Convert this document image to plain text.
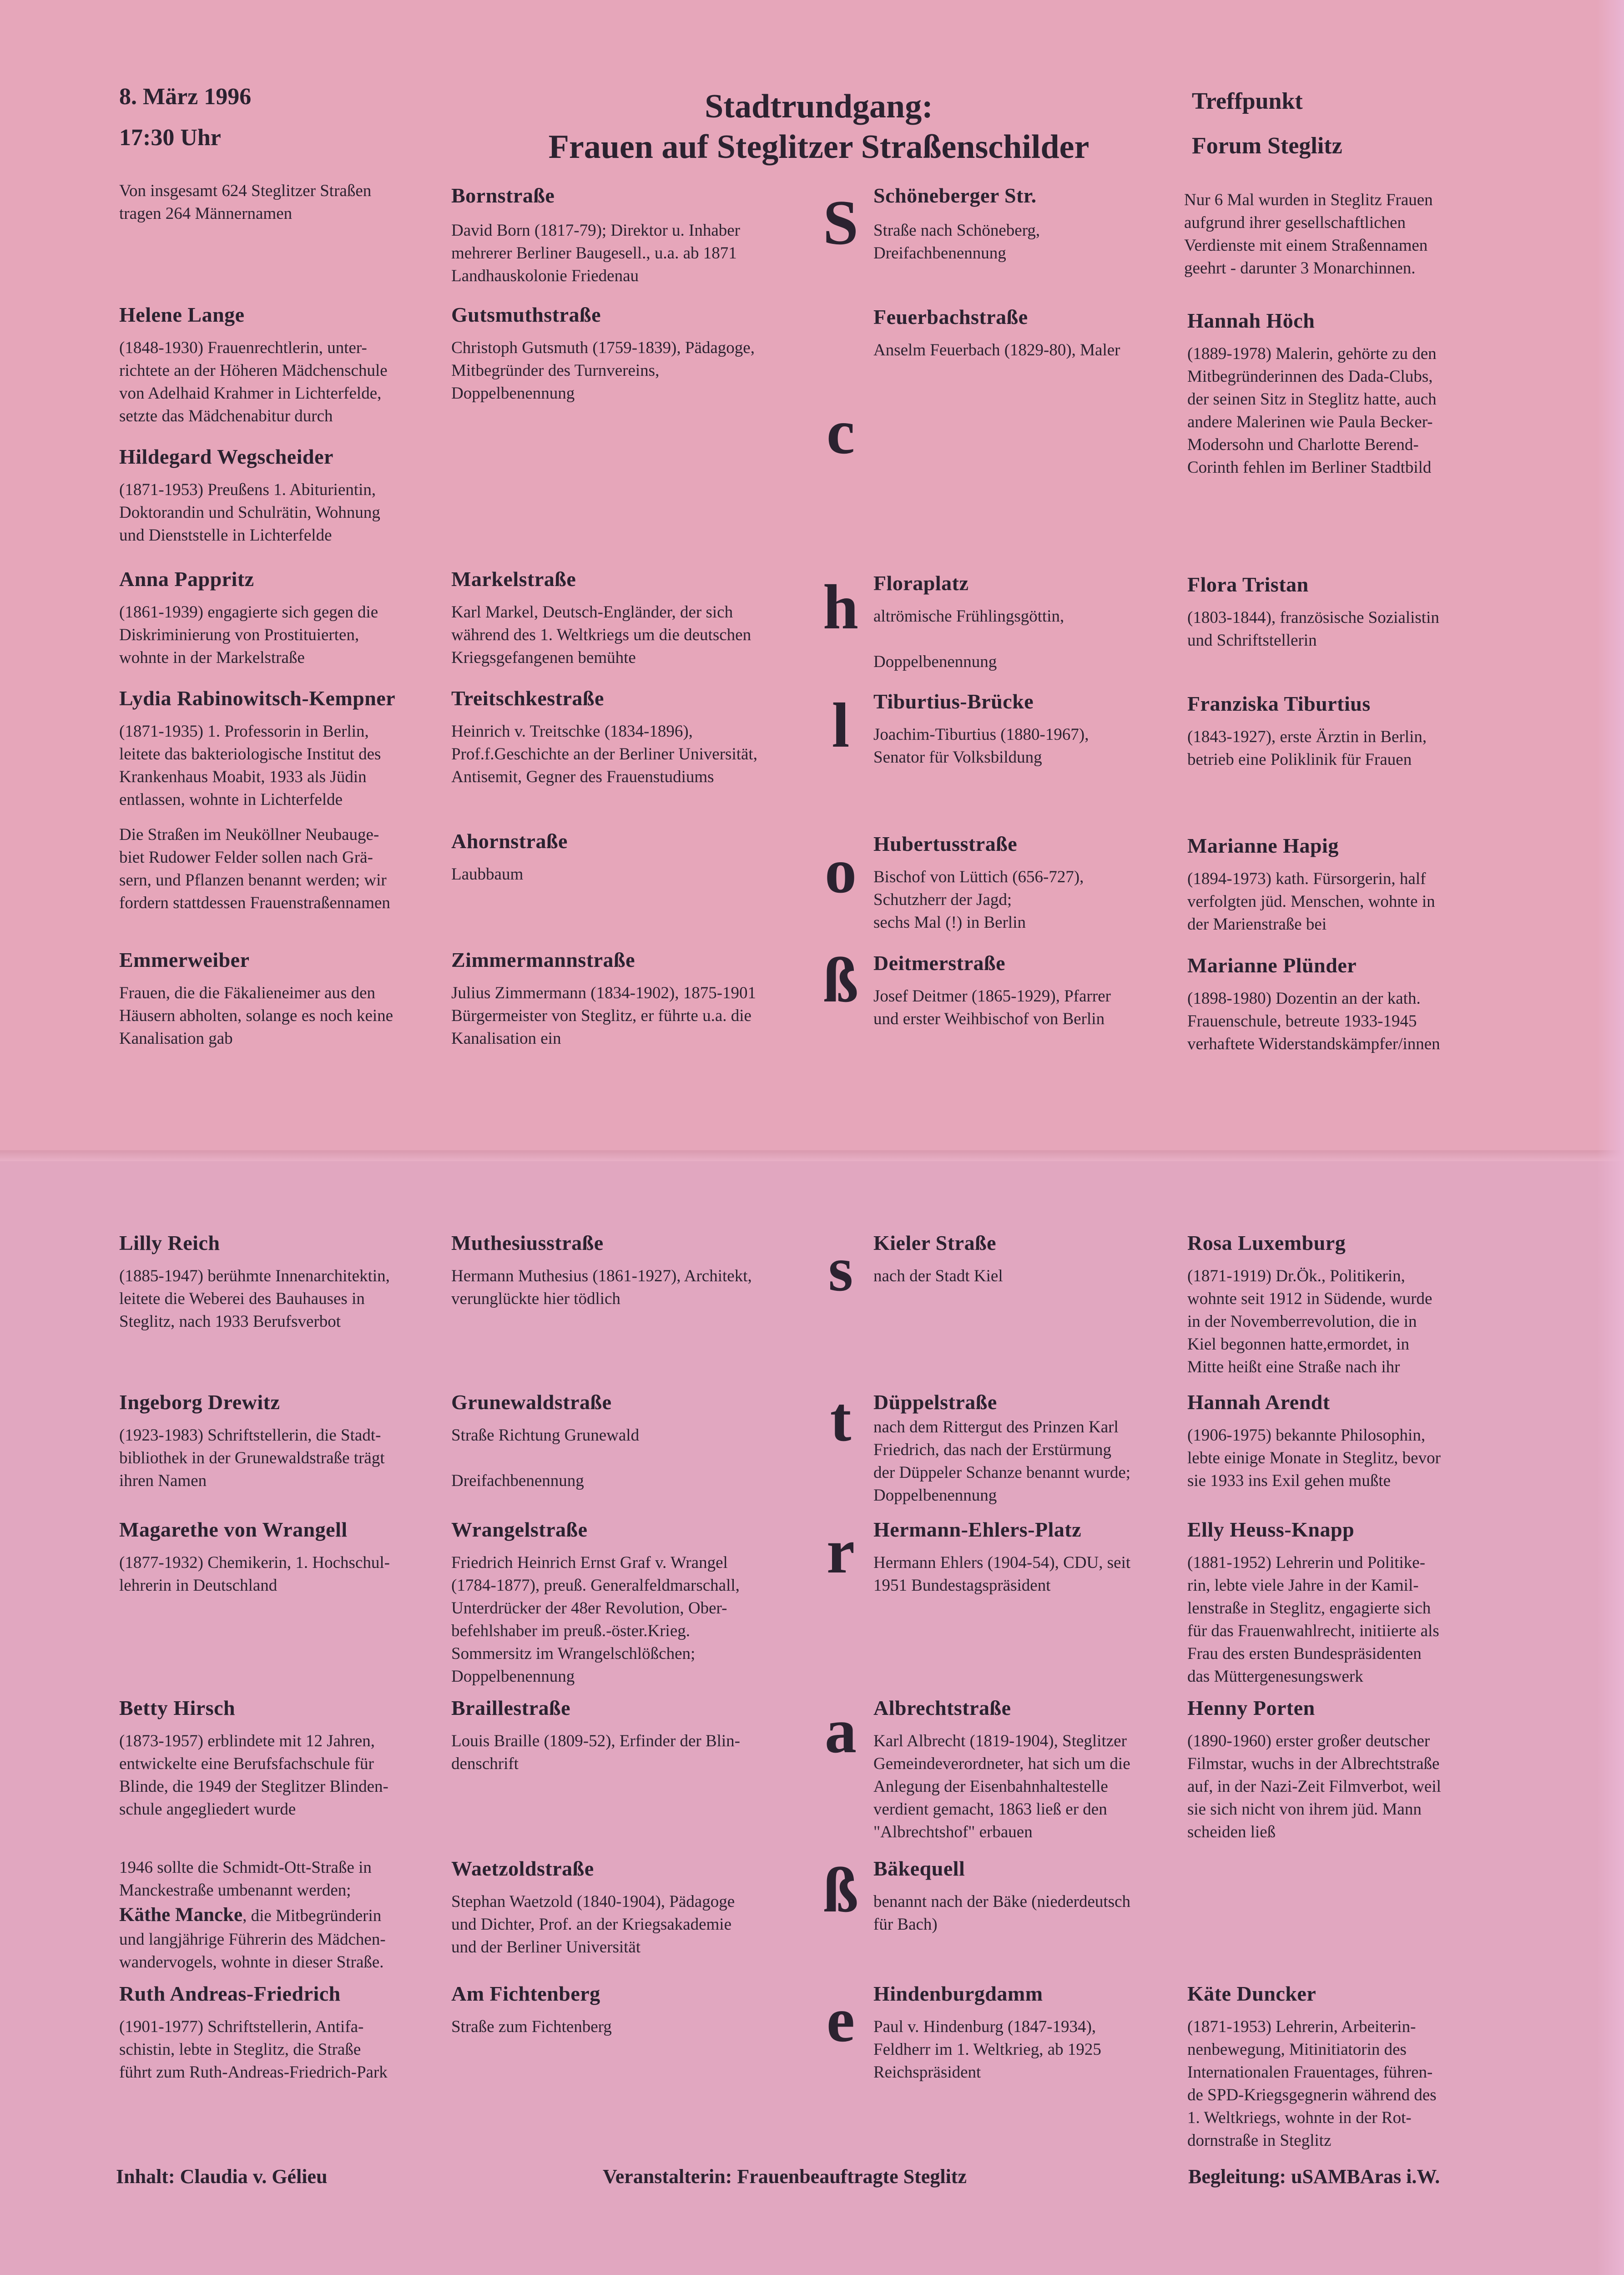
8. März 1996
17:30 Uhr
Stadtrundgang:
Frauen auf Steglitzer Straßenschilder
Treffpunkt
Forum Steglitz
Von insgesamt 624 Steglitzer Straßen
tragen 264 Männernamen
Nur 6 Mal wurden in Steglitz Frauen
aufgrund ihrer gesellschaftlichen
Verdienste mit einem Straßennamen
geehrt - darunter 3 Monarchinnen.
Helene Lange
(1848-1930) Frauenrechtlerin, unter-
richtete an der Höheren Mädchenschule
von Adelhaid Krahmer in Lichterfelde,
setzte das Mädchenabitur durch
Hildegard Wegscheider
(1871-1953) Preußens 1. Abiturientin,
Doktorandin und Schulrätin, Wohnung
und Dienststelle in Lichterfelde
Anna Pappritz
(1861-1939) engagierte sich gegen die
Diskriminierung von Prostituierten,
wohnte in der Markelstraße
Lydia Rabinowitsch-Kempner
(1871-1935) 1. Professorin in Berlin,
leitete das bakteriologische Institut des
Krankenhaus Moabit, 1933 als Jüdin
entlassen, wohnte in Lichterfelde
Die Straßen im Neuköllner Neubauge-
biet Rudower Felder sollen nach Grä-
sern, und Pflanzen benannt werden; wir
fordern stattdessen Frauenstraßennamen
Emmerweiber
Frauen, die die Fäkalieneimer aus den
Häusern abholten, solange es noch keine
Kanalisation gab
Bornstraße
David Born (1817-79); Direktor u. Inhaber
mehrerer Berliner Baugesell., u.a. ab 1871
Landhauskolonie Friedenau
Gutsmuthstraße
Christoph Gutsmuth (1759-1839), Pädagoge,
Mitbegründer des Turnvereins,
Doppelbenennung
Markelstraße
Karl Markel, Deutsch-Engländer, der sich
während des 1. Weltkriegs um die deutschen
Kriegsgefangenen bemühte
Treitschkestraße
Heinrich v. Treitschke (1834-1896),
Prof.f.Geschichte an der Berliner Universität,
Antisemit, Gegner des Frauenstudiums
Ahornstraße
Laubbaum
Zimmermannstraße
Julius Zimmermann (1834-1902), 1875-1901
Bürgermeister von Steglitz, er führte u.a. die
Kanalisation ein
S
c
h
l
o
ß
s
t
r
a
ß
e
Schöneberger Str.
Straße nach Schöneberg,
Dreifachbenennung
Feuerbachstraße
Anselm Feuerbach (1829-80), Maler
Floraplatz
altrömische Frühlingsgöttin,

Doppelbenennung
Tiburtius-Brücke
Joachim-Tiburtius (1880-1967),
Senator für Volksbildung
Hubertusstraße
Bischof von Lüttich (656-727),
Schutzherr der Jagd;
sechs Mal (!) in Berlin
Deitmerstraße
Josef Deitmer (1865-1929), Pfarrer
und erster Weihbischof von Berlin
Hannah Höch
(1889-1978) Malerin, gehörte zu den
Mitbegründerinnen des Dada-Clubs,
der seinen Sitz in Steglitz hatte, auch
andere Malerinen wie Paula Becker-
Modersohn und Charlotte Berend-
Corinth fehlen im Berliner Stadtbild
Flora Tristan
(1803-1844), französische Sozialistin
und Schriftstellerin
Franziska Tiburtius
(1843-1927), erste Ärztin in Berlin,
betrieb eine Poliklinik für Frauen
Marianne Hapig
(1894-1973) kath. Fürsorgerin, half
verfolgten jüd. Menschen, wohnte in
der Marienstraße bei
Marianne Plünder
(1898-1980) Dozentin an der kath.
Frauenschule, betreute 1933-1945
verhaftete Widerstandskämpfer/innen
Lilly Reich
(1885-1947) berühmte Innenarchitektin,
leitete die Weberei des Bauhauses in
Steglitz, nach 1933 Berufsverbot
Ingeborg Drewitz
(1923-1983) Schriftstellerin, die Stadt-
bibliothek in der Grunewaldstraße trägt
ihren Namen
Magarethe von Wrangell
(1877-1932) Chemikerin, 1. Hochschul-
lehrerin in Deutschland
Betty Hirsch
(1873-1957) erblindete mit 12 Jahren,
entwickelte eine Berufsfachschule für
Blinde, die 1949 der Steglitzer Blinden-
schule angegliedert wurde
1946 sollte die Schmidt-Ott-Straße in
Manckestraße umbenannt werden;
Käthe Mancke, die Mitbegründerin
und langjährige Führerin des Mädchen-
wandervogels, wohnte in dieser Straße.
Ruth Andreas-Friedrich
(1901-1977) Schriftstellerin, Antifa-
schistin, lebte in Steglitz, die Straße
führt zum Ruth-Andreas-Friedrich-Park
Muthesiusstraße
Hermann Muthesius (1861-1927), Architekt,
verunglückte hier tödlich
Grunewaldstraße
Straße Richtung Grunewald

Dreifachbenennung
Wrangelstraße
Friedrich Heinrich Ernst Graf v. Wrangel
(1784-1877), preuß. Generalfeldmarschall,
Unterdrücker der 48er Revolution, Ober-
befehlshaber im preuß.-öster.Krieg.
Sommersitz im Wrangelschlößchen;
Doppelbenennung
Braillestraße
Louis Braille (1809-52), Erfinder der Blin-
denschrift
Waetzoldstraße
Stephan Waetzold (1840-1904), Pädagoge
und Dichter, Prof. an der Kriegsakademie
und der Berliner Universität
Am Fichtenberg
Straße zum Fichtenberg
Kieler Straße
nach der Stadt Kiel
Düppelstraße
nach dem Rittergut des Prinzen Karl
Friedrich, das nach der Erstürmung
der Düppeler Schanze benannt wurde;
Doppelbenennung
Hermann-Ehlers-Platz
Hermann Ehlers (1904-54), CDU, seit
1951 Bundestagspräsident
Albrechtstraße
Karl Albrecht (1819-1904), Steglitzer
Gemeindeverordneter, hat sich um die
Anlegung der Eisenbahnhaltestelle
verdient gemacht, 1863 ließ er den
"Albrechtshof" erbauen
Bäkequell
benannt nach der Bäke (niederdeutsch
für Bach)
Hindenburgdamm
Paul v. Hindenburg (1847-1934),
Feldherr im 1. Weltkrieg, ab 1925
Reichspräsident
Rosa Luxemburg
(1871-1919) Dr.Ök., Politikerin,
wohnte seit 1912 in Südende, wurde
in der Novemberrevolution, die in
Kiel begonnen hatte,ermordet, in
Mitte heißt eine Straße nach ihr
Hannah Arendt
(1906-1975) bekannte Philosophin,
lebte einige Monate in Steglitz, bevor
sie 1933 ins Exil gehen mußte
Elly Heuss-Knapp
(1881-1952) Lehrerin und Politike-
rin, lebte viele Jahre in der Kamil-
lenstraße in Steglitz, engagierte sich
für das Frauenwahlrecht, initiierte als
Frau des ersten Bundespräsidenten
das Müttergenesungswerk
Henny Porten
(1890-1960) erster großer deutscher
Filmstar, wuchs in der Albrechtstraße
auf, in der Nazi-Zeit Filmverbot, weil
sie sich nicht von ihrem jüd. Mann
scheiden ließ
Käte Duncker
(1871-1953) Lehrerin, Arbeiterin-
nenbewegung, Mitinitiatorin des
Internationalen Frauentages, führen-
de SPD-Kriegsgegnerin während des
1. Weltkriegs, wohnte in der Rot-
dornstraße in Steglitz
Inhalt: Claudia v. Gélieu	Veranstalterin: Frauenbeauftragte Steglitz	Begleitung: uSAMBAras i.W.
